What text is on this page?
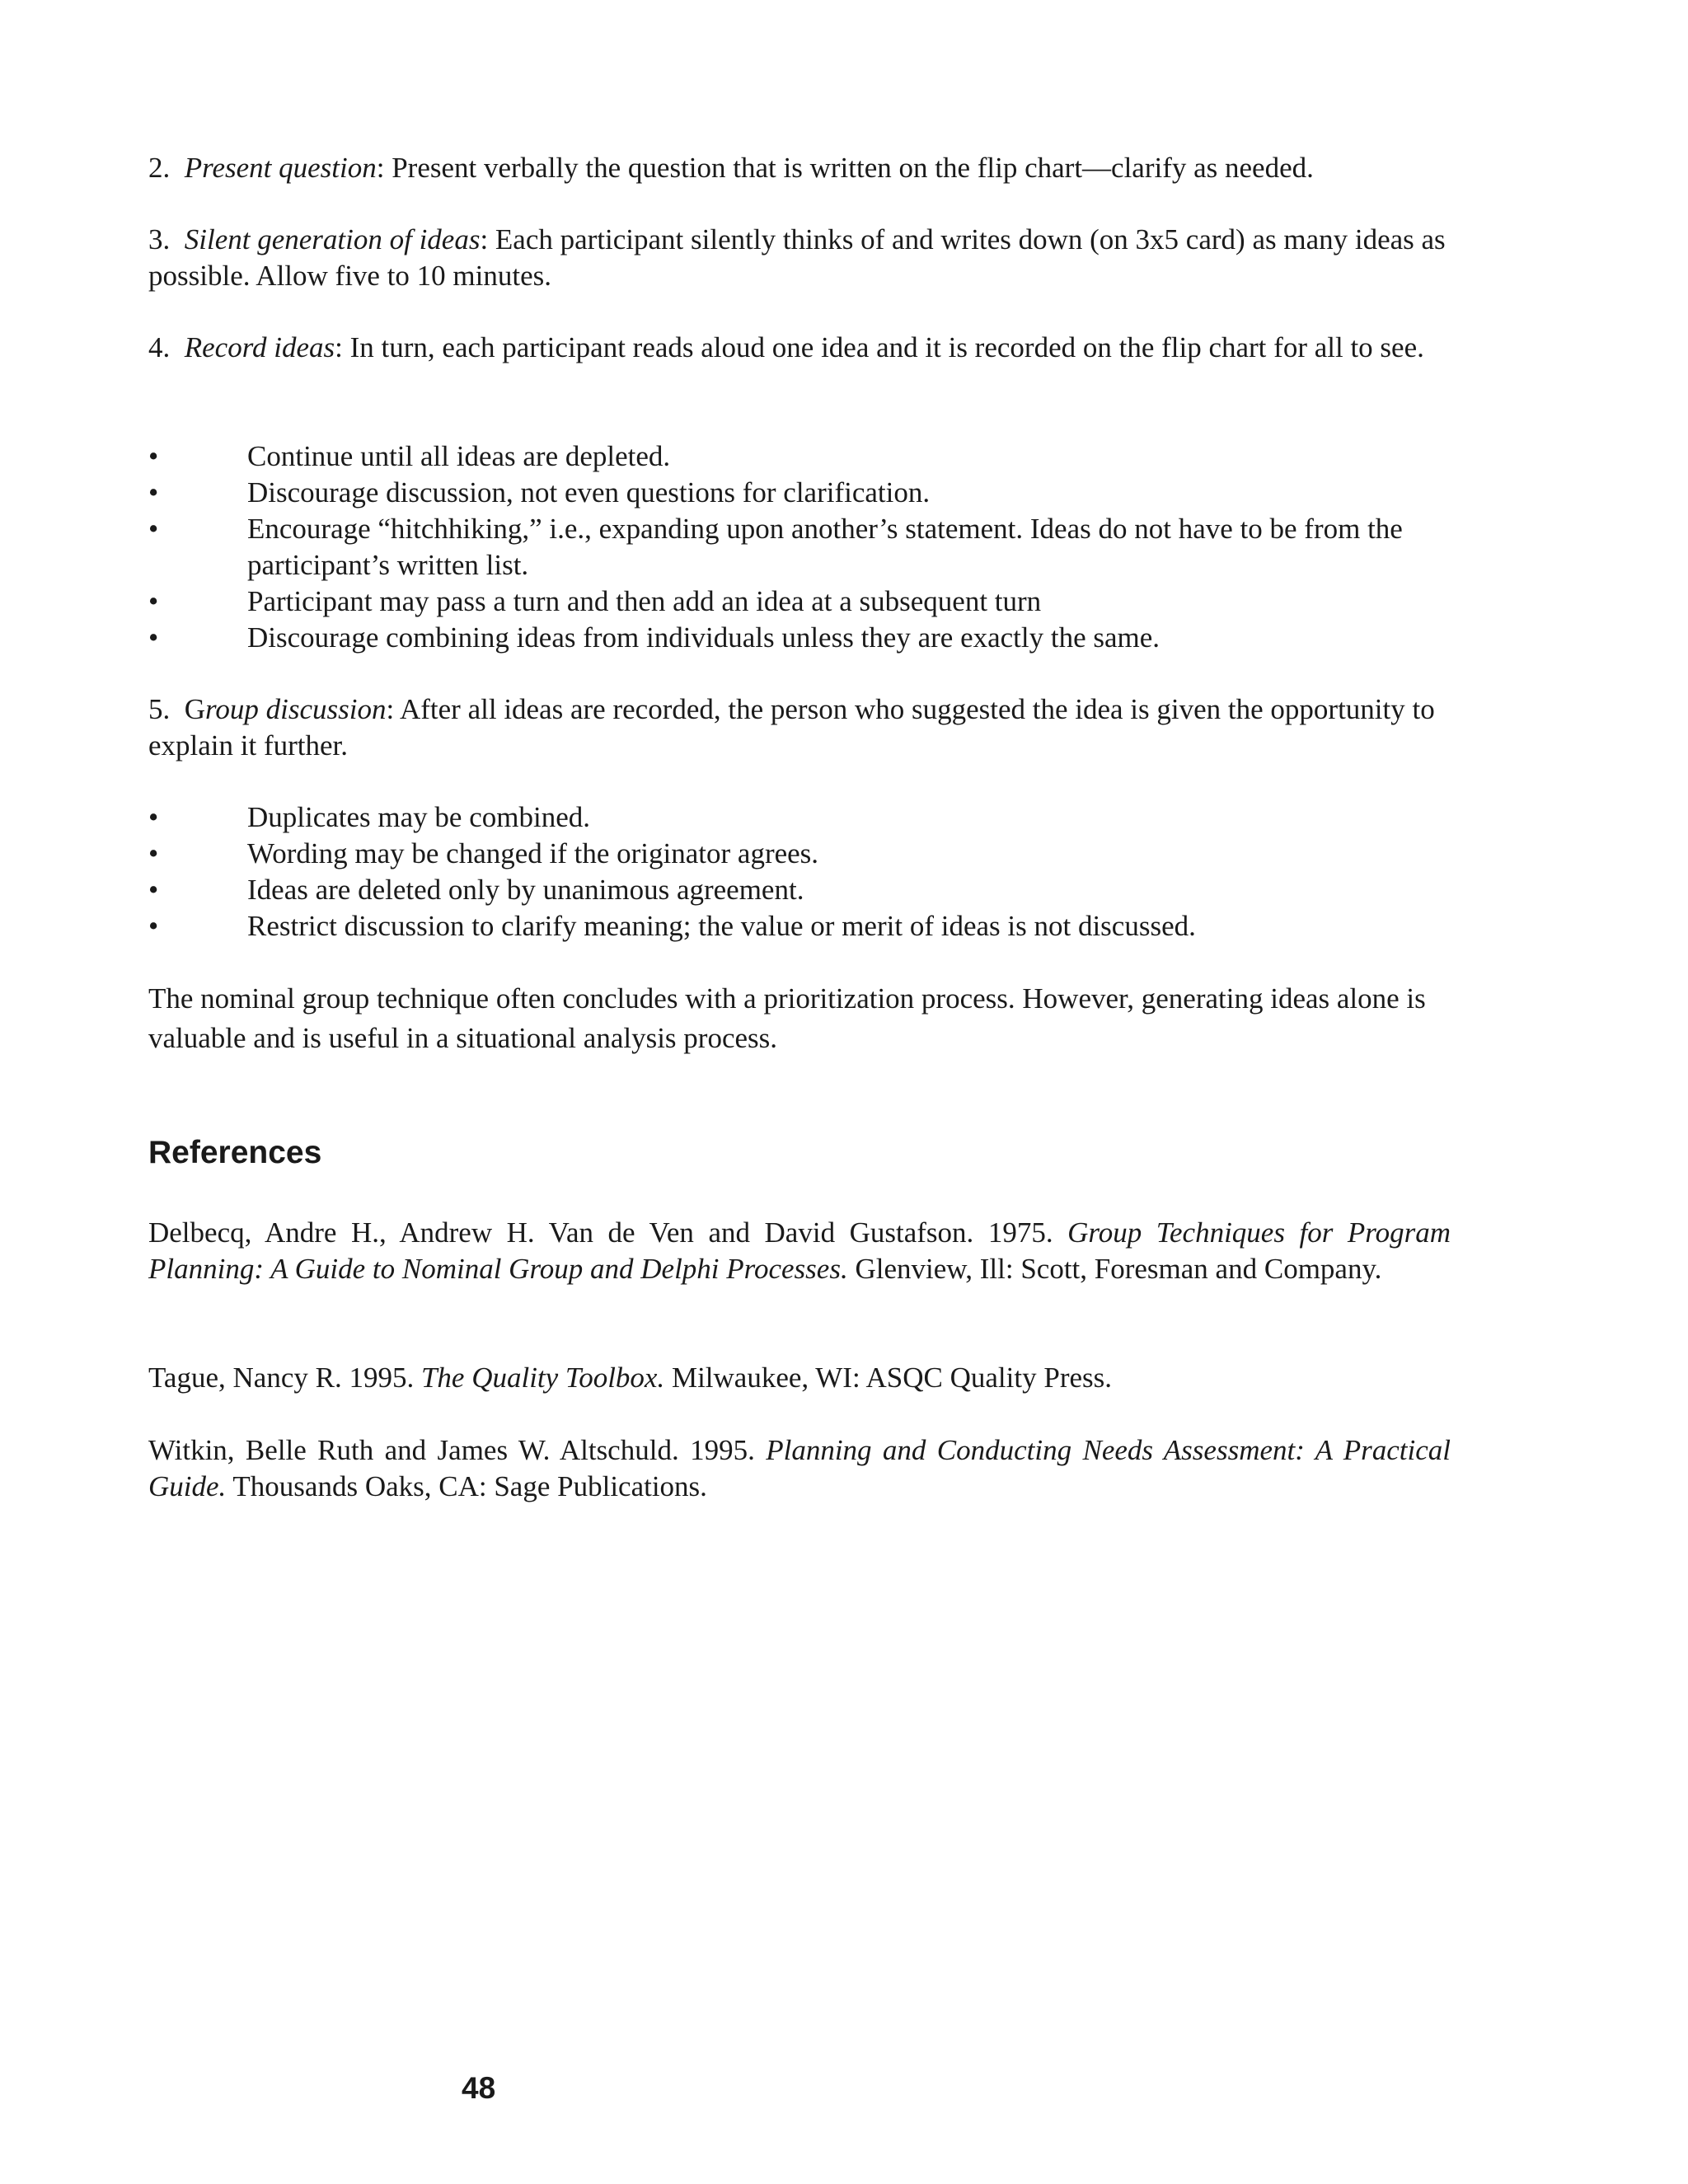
2. Present question: Present verbally the question that is written on the flip chart—clarify as needed.

3. Silent generation of ideas: Each participant silently thinks of and writes down (on 3x5 card) as many ideas as possible. Allow five to 10 minutes.

4. Record ideas: In turn, each participant reads aloud one idea and it is recorded on the flip chart for all to see.

•	Continue until all ideas are depleted.
•	Discourage discussion, not even questions for clarification.
•	Encourage “hitchhiking,” i.e., expanding upon another’s statement. Ideas do not have to be from the participant’s written list.
•	Participant may pass a turn and then add an idea at a subsequent turn
•	Discourage combining ideas from individuals unless they are exactly the same.

5. Group discussion: After all ideas are recorded, the person who suggested the idea is given the opportunity to explain it further.

•	Duplicates may be combined.
•	Wording may be changed if the originator agrees.
•	Ideas are deleted only by unanimous agreement.
•	Restrict discussion to clarify meaning; the value or merit of ideas is not discussed.

The nominal group technique often concludes with a prioritization process. However, generating ideas alone is valuable and is useful in a situational analysis process.

References

Delbecq, Andre H., Andrew H. Van de Ven and David Gustafson. 1975. Group Techniques for Program Planning: A Guide to Nominal Group and Delphi Processes. Glenview, Ill: Scott, Foresman and Company.

Tague, Nancy R. 1995. The Quality Toolbox. Milwaukee, WI: ASQC Quality Press.

Witkin, Belle Ruth and James W. Altschuld. 1995. Planning and Conducting Needs Assessment: A Practical Guide. Thousands Oaks, CA: Sage Publications.

48
